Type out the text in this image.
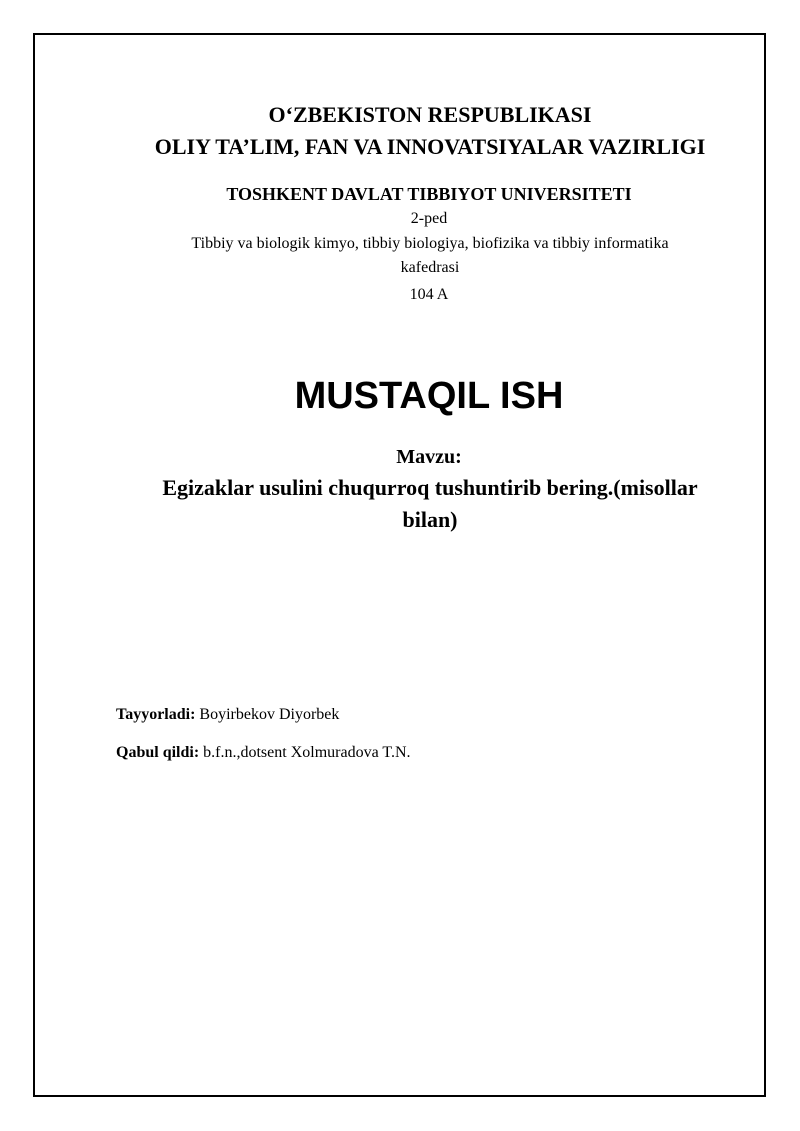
O‘ZBEKISTON RESPUBLIKASI
OLIY TA’LIM, FAN VA INNOVATSIYALAR VAZIRLIGI
TOSHKENT DAVLAT TIBBIYOT UNIVERSITETI
2-ped
Tibbiy va biologik kimyo, tibbiy biologiya, biofizika va tibbiy informatika
kafedrasi
104 A
MUSTAQIL ISH
Mavzu:
Egizaklar usulini chuqurroq tushuntirib bering.(misollar
bilan)

Tayyorladi: Boyirbekov Diyorbek

Qabul qildi: b.f.n.,dotsent Xolmuradova T.N.
